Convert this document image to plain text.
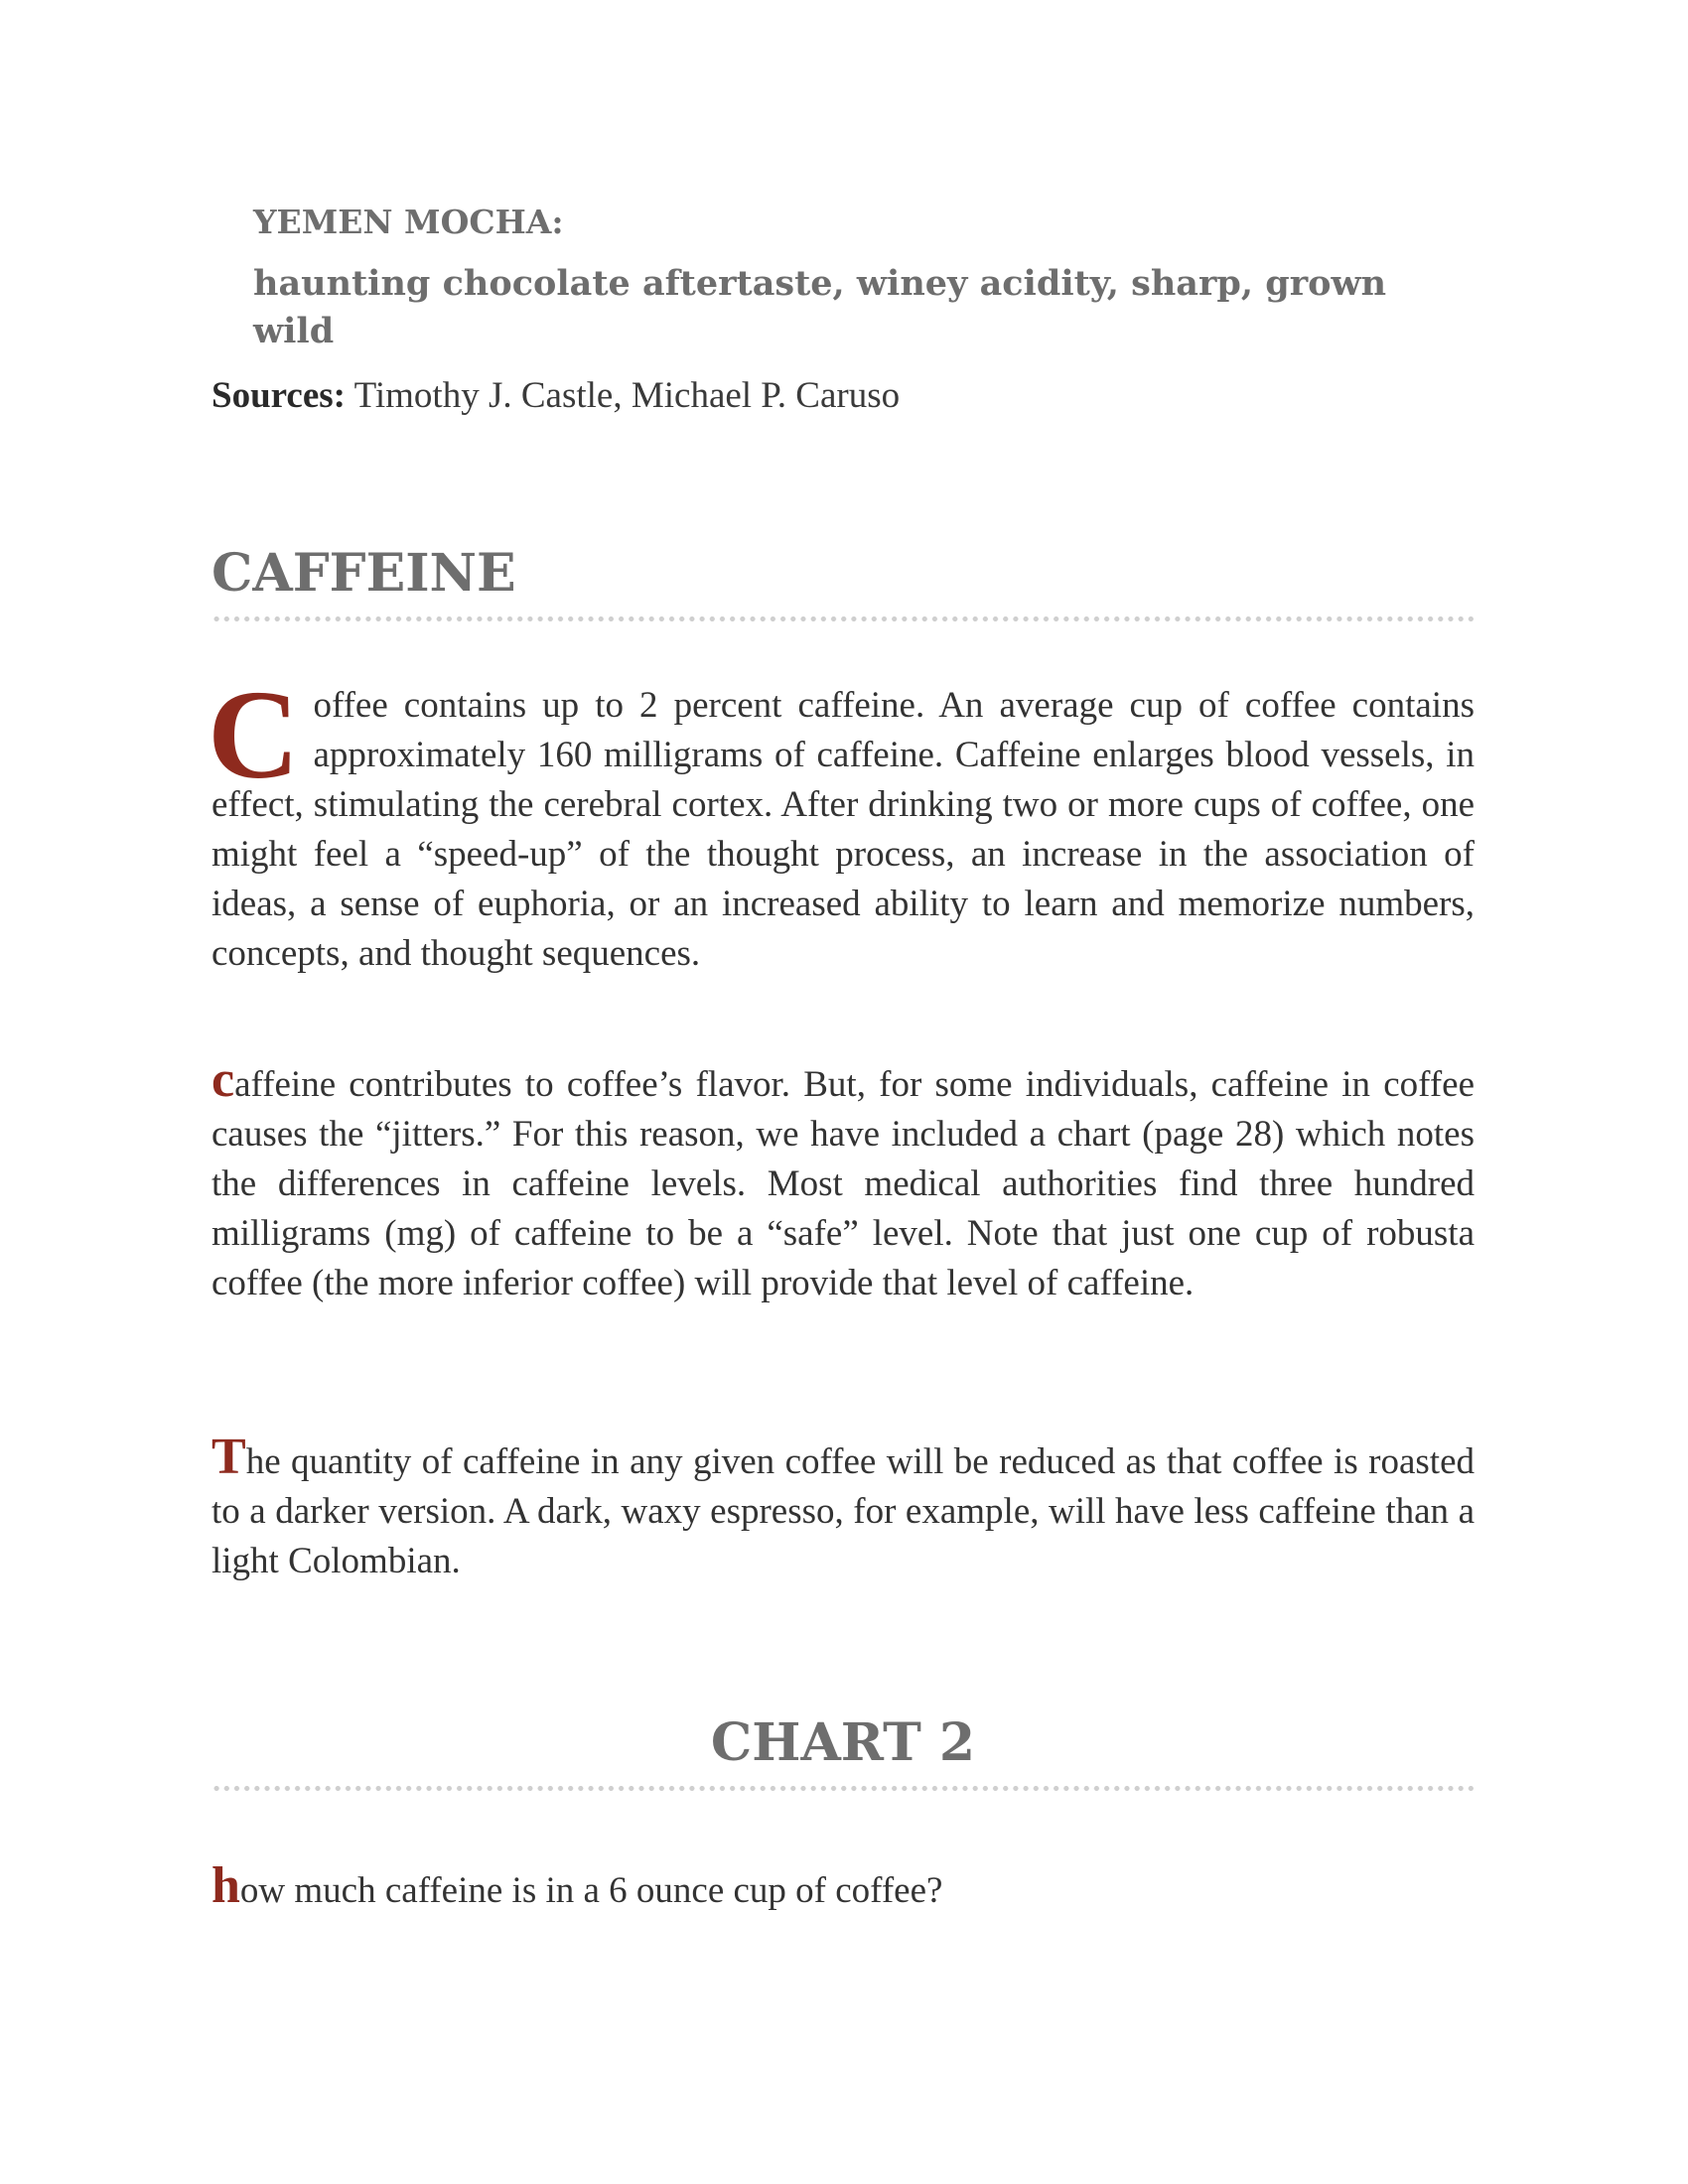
YEMEN MOCHA:
haunting chocolate aftertaste, winey acidity, sharp, grown wild
Sources: Timothy J. Castle, Michael P. Caruso
CAFFEINE
Coffee contains up to 2 percent caffeine. An average cup of coffee contains approximately 160 milligrams of caffeine. Caffeine enlarges blood vessels, in effect, stimulating the cerebral cortex. After drinking two or more cups of coffee, one might feel a “speed-up” of the thought process, an increase in the association of ideas, a sense of euphoria, or an increased ability to learn and memorize numbers, concepts, and thought sequences.
caffeine contributes to coffee’s flavor. But, for some individuals, caffeine in coffee causes the “jitters.” For this reason, we have included a chart (page 28) which notes the differences in caffeine levels. Most medical authorities find three hundred milligrams (mg) of caffeine to be a “safe” level. Note that just one cup of robusta coffee (the more inferior coffee) will provide that level of caffeine.
The quantity of caffeine in any given coffee will be reduced as that coffee is roasted to a darker version. A dark, waxy espresso, for example, will have less caffeine than a light Colombian.
CHART 2
how much caffeine is in a 6 ounce cup of coffee?
